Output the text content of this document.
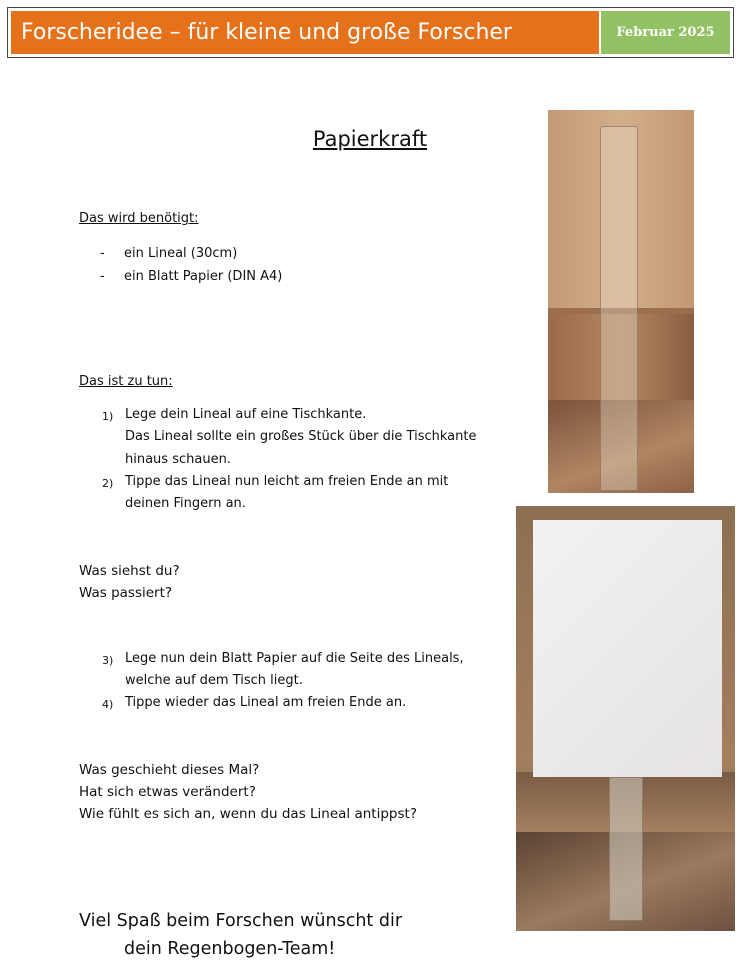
Forscheridee – für kleine und große Forscher	Februar 2025
Papierkraft
Das wird benötigt:
- ein Lineal (30cm)
- ein Blatt Papier (DIN A4)
Das ist zu tun:
1) Lege dein Lineal auf eine Tischkante.
Das Lineal sollte ein großes Stück über die Tischkante
hinaus schauen.
2) Tippe das Lineal nun leicht am freien Ende an mit
deinen Fingern an.
Was siehst du?
Was passiert?
3) Lege nun dein Blatt Papier auf die Seite des Lineals,
welche auf dem Tisch liegt.
4) Tippe wieder das Lineal am freien Ende an.
Was geschieht dieses Mal?
Hat sich etwas verändert?
Wie fühlt es sich an, wenn du das Lineal antippst?
Viel Spaß beim Forschen wünscht dir
dein Regenbogen-Team!
